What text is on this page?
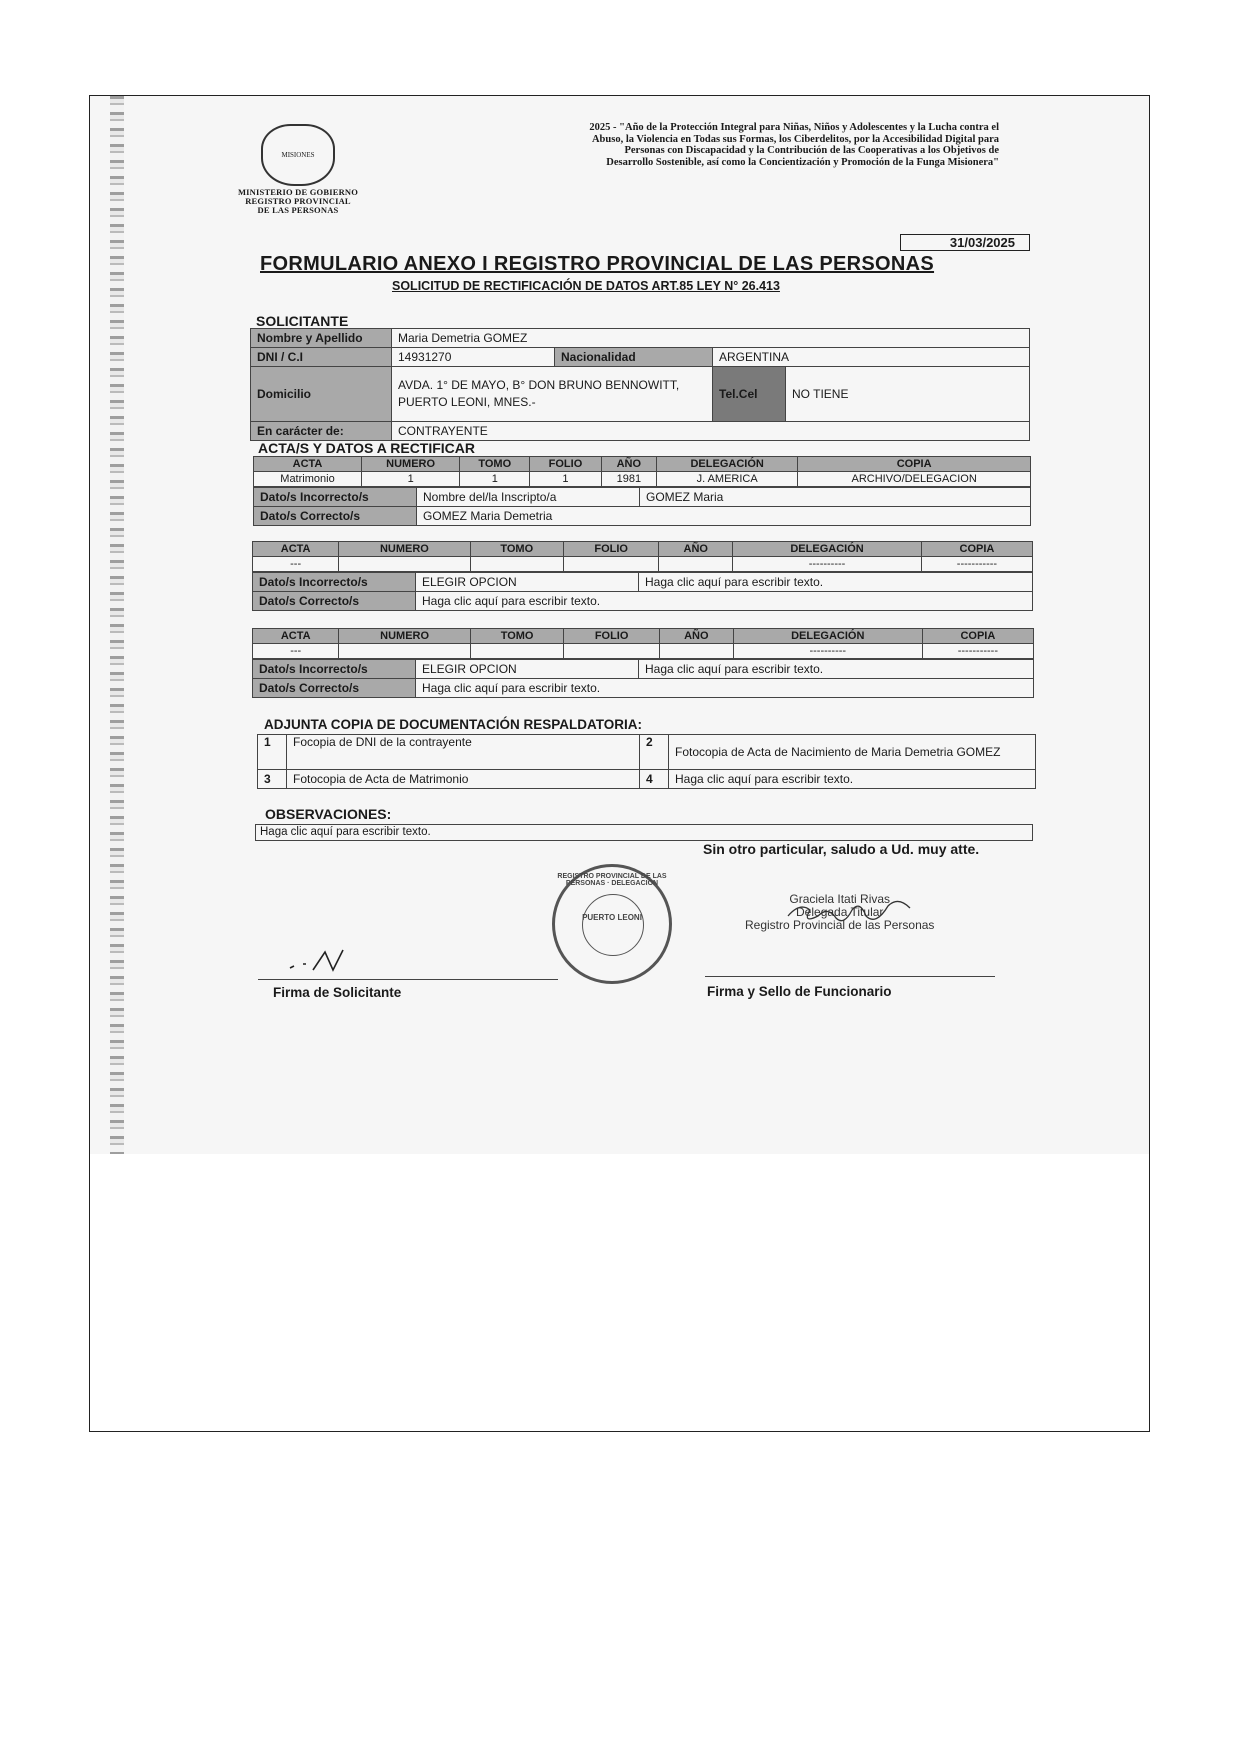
MISIONES
MINISTERIO DE GOBIERNO
REGISTRO PROVINCIAL
DE LAS PERSONAS
2025 - "Año de la Protección Integral para Niñas, Niños y Adolescentes y la Lucha contra el Abuso, la Violencia en Todas sus Formas, los Ciberdelitos, por la Accesibilidad Digital para Personas con Discapacidad y la Contribución de las Cooperativas a los Objetivos de Desarrollo Sostenible, así como la Concientización y Promoción de la Funga Misionera"
31/03/2025
FORMULARIO ANEXO I REGISTRO PROVINCIAL DE LAS PERSONAS
SOLICITUD DE RECTIFICACIÓN DE DATOS ART.85 LEY N° 26.413
SOLICITANTE
Nombre y Apellido	Maria Demetria GOMEZ			
DNI / C.I	14931270	Nacionalidad	ARGENTINA	
Domicilio	AVDA. 1° DE MAYO, B° DON BRUNO BENNOWITT, PUERTO LEONI, MNES.-		Tel.Cel	NO TIENE
En carácter de:	CONTRAYENTE			
ACTA/S Y DATOS A RECTIFICAR
ACTA	NUMERO	TOMO	FOLIO	AÑO	DELEGACIÓN	COPIA
Matrimonio	1	1	1	1981	J. AMERICA	ARCHIVO/DELEGACION
Dato/s Incorrecto/s	Nombre del/la Inscripto/a	GOMEZ Maria
Dato/s Correcto/s	GOMEZ Maria Demetria	
ACTA	NUMERO	TOMO	FOLIO	AÑO	DELEGACIÓN	COPIA
---					----------	-----------
Dato/s Incorrecto/s	ELEGIR OPCION	Haga clic aquí para escribir texto.
Dato/s Correcto/s	Haga clic aquí para escribir texto.	
ACTA	NUMERO	TOMO	FOLIO	AÑO	DELEGACIÓN	COPIA
---					----------	-----------
Dato/s Incorrecto/s	ELEGIR OPCION	Haga clic aquí para escribir texto.
Dato/s Correcto/s	Haga clic aquí para escribir texto.	
ADJUNTA COPIA DE DOCUMENTACIÓN RESPALDATORIA:
1	Focopia de DNI de la contrayente	2	Fotocopia de Acta de Nacimiento de Maria Demetria GOMEZ
3	Fotocopia de Acta de Matrimonio	4	Haga clic aquí para escribir texto.
OBSERVACIONES:
Haga clic aquí para escribir texto.
Sin otro particular, saludo a Ud. muy atte.
Firma de Solicitante
PUERTO LEONI
REGISTRO PROVINCIAL DE LAS PERSONAS · DELEGACION
Graciela Itati Rivas
Delegada Titular
Registro Provincial de las Personas
Firma y Sello de Funcionario
